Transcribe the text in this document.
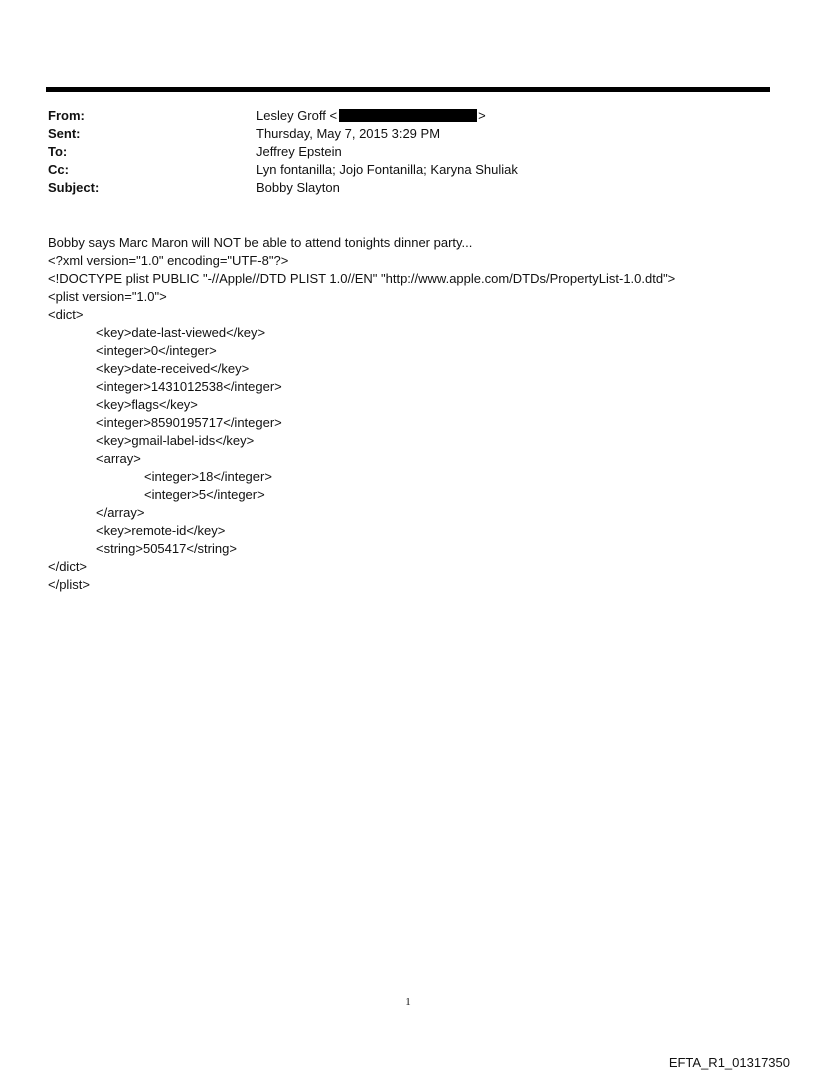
From:	Lesley Groff <	>
Sent:	Thursday, May 7, 2015 3:29 PM
To:	Jeffrey Epstein
Cc:	Lyn fontanilla; Jojo Fontanilla; Karyna Shuliak
Subject:	Bobby Slayton
Bobby says Marc Maron will NOT be able to attend tonights dinner party...
<?xml version="1.0" encoding="UTF-8"?>
<!DOCTYPE plist PUBLIC "-//Apple//DTD PLIST 1.0//EN" "http://www.apple.com/DTDs/PropertyList-1.0.dtd">
<plist version="1.0">
<dict>
<key>date-last-viewed</key>
<integer>0</integer>
<key>date-received</key>
<integer>1431012538</integer>
<key>flags</key>
<integer>8590195717</integer>
<key>gmail-label-ids</key>
<array>
<integer>18</integer>
<integer>5</integer>
</array>
<key>remote-id</key>
<string>505417</string>
</dict>
</plist>
1
EFTA_R1_01317350
